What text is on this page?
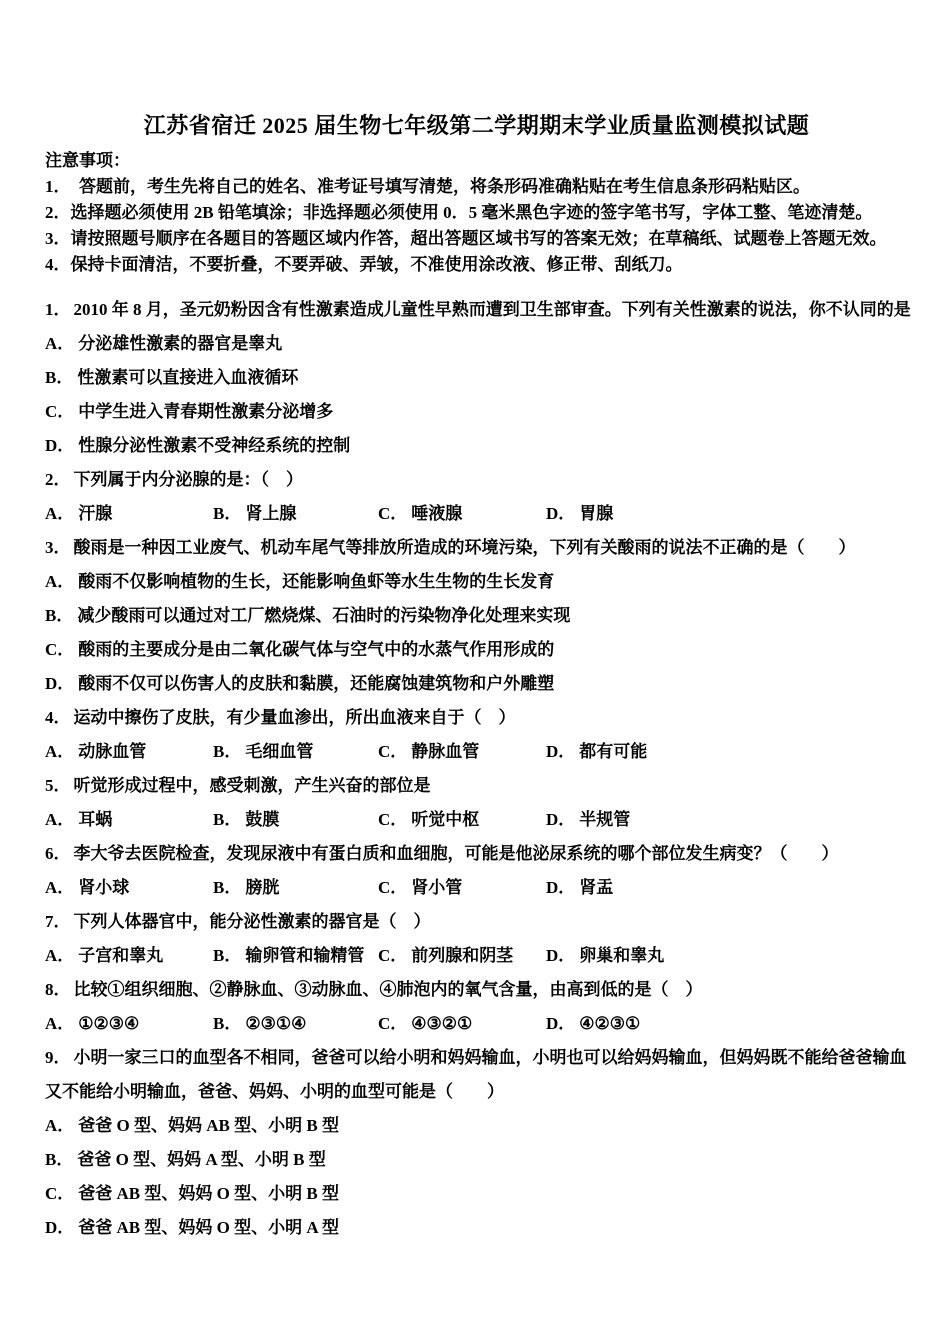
江苏省宿迁 2025 届生物七年级第二学期期末学业质量监测模拟试题
注意事项：
1．　答题前，考生先将自己的姓名、准考证号填写清楚，将条形码准确粘贴在考生信息条形码粘贴区。
2．选择题必须使用 2B 铅笔填涂；非选择题必须使用 0．5 毫米黑色字迹的签字笔书写，字体工整、笔迹清楚。
3．请按照题号顺序在各题目的答题区域内作答，超出答题区域书写的答案无效；在草稿纸、试题卷上答题无效。
4．保持卡面清洁，不要折叠，不要弄破、弄皱，不准使用涂改液、修正带、刮纸刀。
1． 2010 年 8 月，圣元奶粉因含有性激素造成儿童性早熟而遭到卫生部审查。下列有关性激素的说法，你不认同的是
A． 分泌雄性激素的器官是睾丸
B． 性激素可以直接进入血液循环
C． 中学生进入青春期性激素分泌增多
D． 性腺分泌性激素不受神经系统的控制
2． 下列属于内分泌腺的是：（　）
A． 汗腺	B． 肾上腺	C． 唾液腺	D． 胃腺
3． 酸雨是一种因工业废气、机动车尾气等排放所造成的环境污染，下列有关酸雨的说法不正确的是（　　）
A． 酸雨不仅影响植物的生长，还能影响鱼虾等水生生物的生长发育
B． 减少酸雨可以通过对工厂燃烧煤、石油时的污染物净化处理来实现
C． 酸雨的主要成分是由二氧化碳气体与空气中的水蒸气作用形成的
D． 酸雨不仅可以伤害人的皮肤和黏膜，还能腐蚀建筑物和户外雕塑
4． 运动中擦伤了皮肤，有少量血渗出，所出血液来自于（　）
A． 动脉血管	B． 毛细血管	C． 静脉血管	D． 都有可能
5． 听觉形成过程中，感受刺激，产生兴奋的部位是
A． 耳蜗	B． 鼓膜	C． 听觉中枢	D． 半规管
6． 李大爷去医院检查，发现尿液中有蛋白质和血细胞，可能是他泌尿系统的哪个部位发生病变？（　　）
A． 肾小球	B． 膀胱	C． 肾小管	D． 肾盂
7． 下列人体器官中，能分泌性激素的器官是（　）
A． 子宫和睾丸	B． 输卵管和输精管 C． 前列腺和阴茎	D． 卵巢和睾丸
8． 比较①组织细胞、②静脉血、③动脉血、④肺泡内的氧气含量，由高到低的是（　）
A． ①②③④	B． ②③①④	C． ④③②①	D． ④②③①
9． 小明一家三口的血型各不相同，爸爸可以给小明和妈妈输血，小明也可以给妈妈输血，但妈妈既不能给爸爸输血又不能给小明输血，爸爸、妈妈、小明的血型可能是（　　）
A． 爸爸 O 型、妈妈 AB 型、小明 B 型
B． 爸爸 O 型、妈妈 A 型、小明 B 型
C． 爸爸 AB 型、妈妈 O 型、小明 B 型
D． 爸爸 AB 型、妈妈 O 型、小明 A 型
